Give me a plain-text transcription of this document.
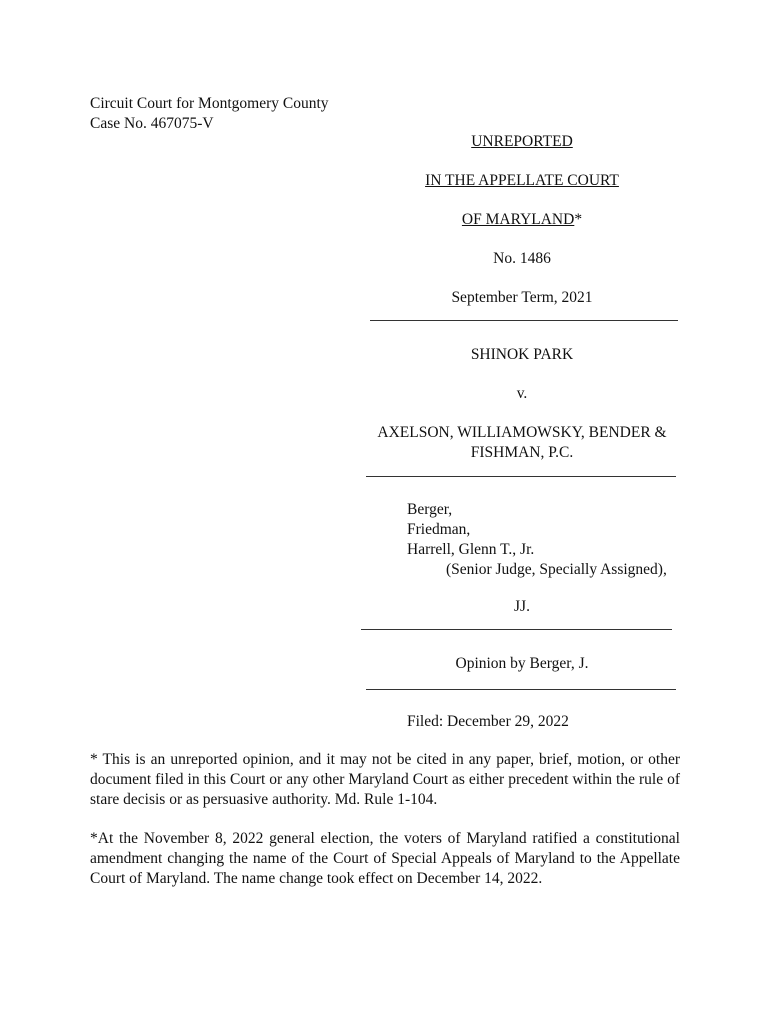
Circuit Court for Montgomery County
Case No. 467075-V
UNREPORTED
IN THE APPELLATE COURT
OF MARYLAND*
No. 1486
September Term, 2021
SHINOK PARK
v.
AXELSON, WILLIAMOWSKY, BENDER &
FISHMAN, P.C.
Berger,
Friedman,
Harrell, Glenn T., Jr.
(Senior Judge, Specially Assigned),
JJ.
Opinion by Berger, J.
Filed: December 29, 2022
* This is an unreported opinion, and it may not be cited in any paper, brief, motion, or other document filed in this Court or any other Maryland Court as either precedent within the rule of stare decisis or as persuasive authority. Md. Rule 1-104.
*At the November 8, 2022 general election, the voters of Maryland ratified a constitutional amendment changing the name of the Court of Special Appeals of Maryland to the Appellate Court of Maryland. The name change took effect on December 14, 2022.
